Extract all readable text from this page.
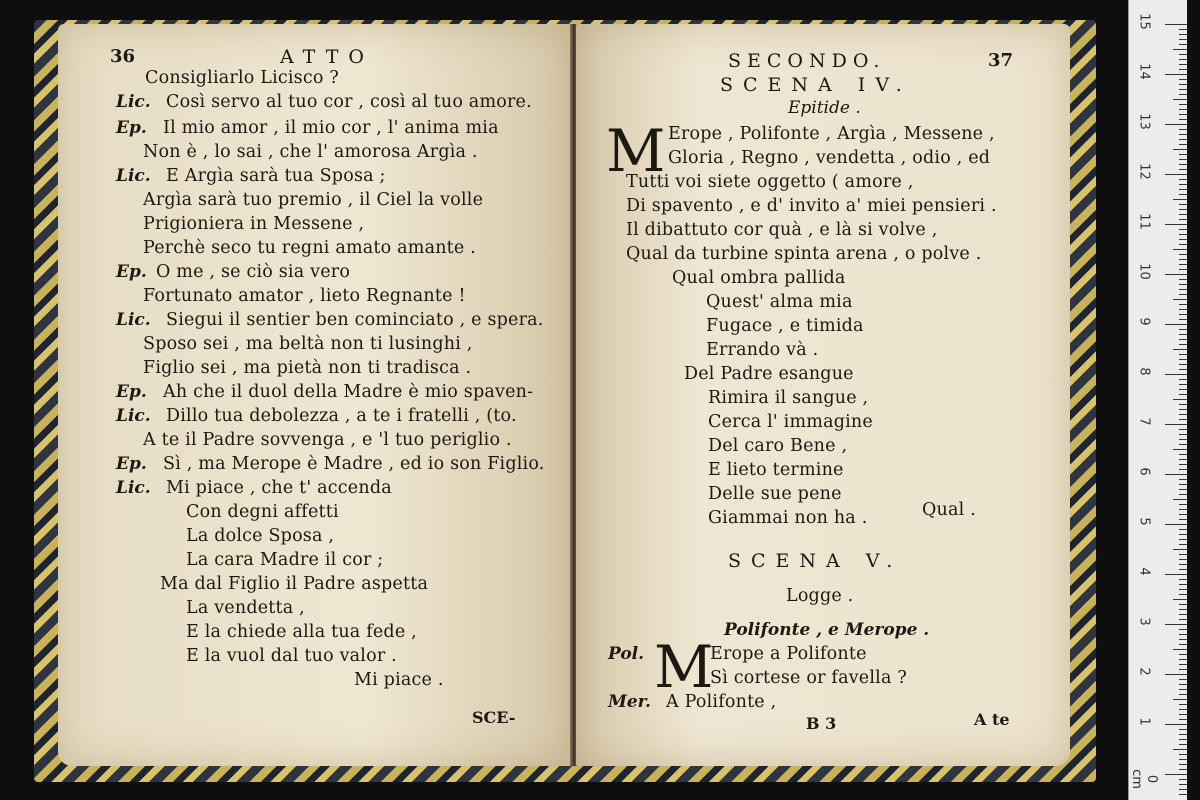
36	ATTO
Consigliarlo Licisco ?
Lic. Così servo al tuo cor , così al tuo amore.
Ep. Il mio amor , il mio cor , l' anima mia
Non è , lo sai , che l' amorosa Argìa .
Lic. E Argìa sarà tua Sposa ;
Argìa sarà tuo premio , il Ciel la volle
Prigioniera in Messene ,
Perchè seco tu regni amato amante .
Ep. O me , se ciò sia vero
Fortunato amator , lieto Regnante !
Lic. Siegui il sentier ben cominciato , e spera.
Sposo sei , ma beltà non ti lusinghi ,
Figlio sei , ma pietà non ti tradisca .
Ep. Ah che il duol della Madre è mio spaven-
Lic. Dillo tua debolezza , a te i fratelli , (to.
A te il Padre sovvenga , e 'l tuo periglio .
Ep. Sì , ma Merope è Madre , ed io son Figlio.
Lic. Mi piace , che t' accenda
Con degni affetti
La dolce Sposa ,
La cara Madre il cor ;
Ma dal Figlio il Padre aspetta
La vendetta ,
E la chiede alla tua fede ,
E la vuol dal tuo valor .
Mi piace .
SCE-
SECONDO.	37
SCENA IV.
Epitide .
M Erope , Polifonte , Argìa , Messene ,
Gloria , Regno , vendetta , odio , ed
Tutti voi siete oggetto ( amore ,
Di spavento , e d' invito a' miei pensieri .
Il dibattuto cor quà , e là si volve ,
Qual da turbine spinta arena , o polve .
Qual ombra pallida
Quest' alma mia
Fugace , e timida
Errando và .
Del Padre esangue
Rimira il sangue ,
Cerca l' immagine
Del caro Bene ,
E lieto termine
Delle sue pene
Giammai non ha .	Qual .
SCENA V.
Logge .
Polifonte , e Merope .
Pol. M
Erope a Polifonte
Sì cortese or favella ?
Mer. A Polifonte ,
B 3	A te
15
14
13
12
11
10
9
8
7
6
5
4
3
2
1
0 cm
